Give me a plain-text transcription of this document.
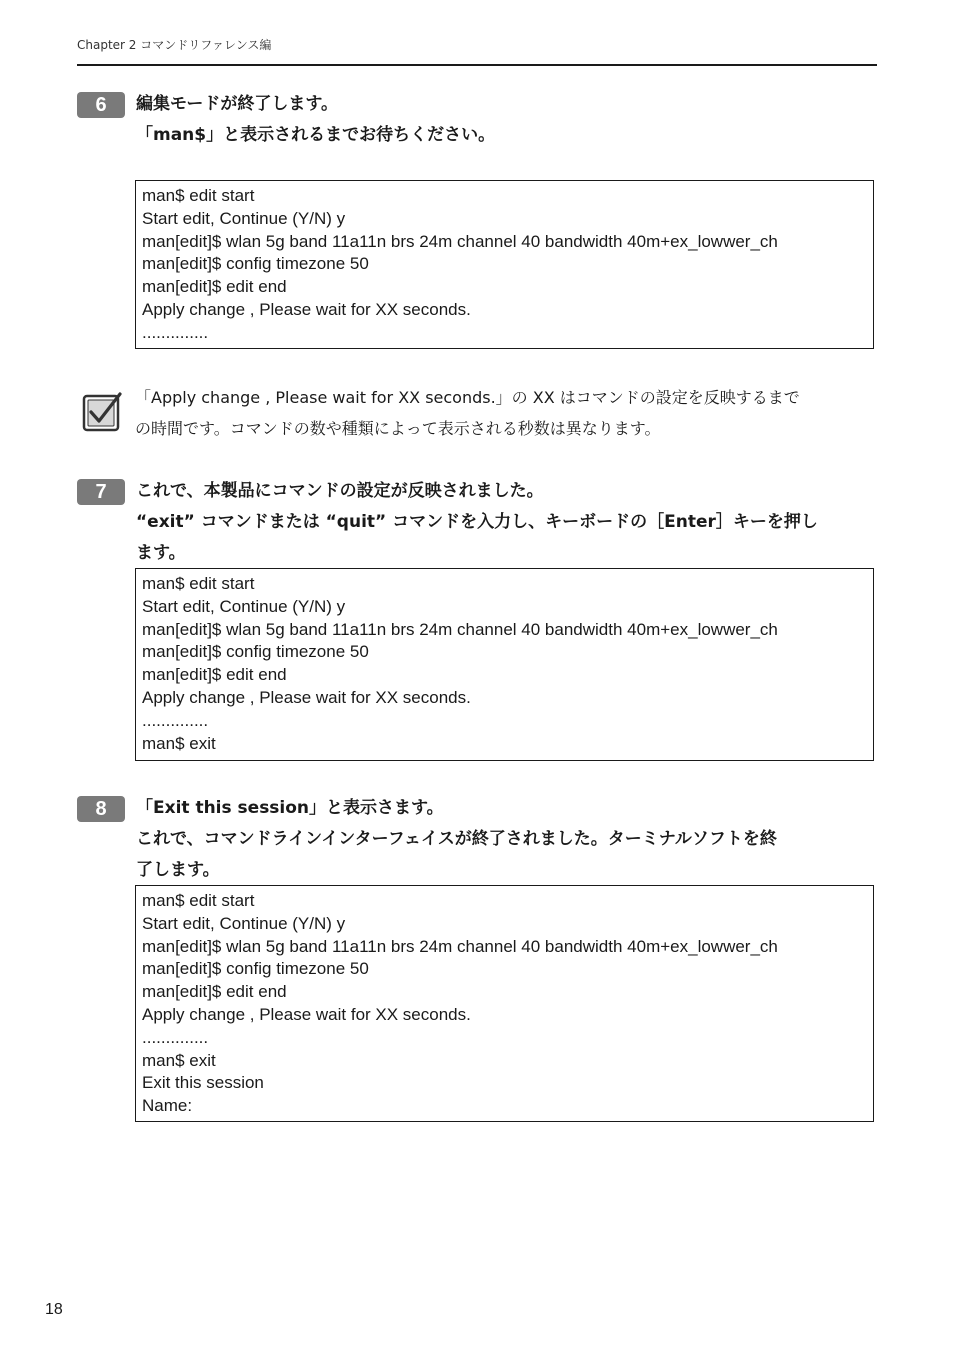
Chapter 2 コマンドリファレンス編
6	編集モードが終了します。
「man$」と表示されるまでお待ちください。
man$ edit start
Start edit, Continue (Y/N) y
man[edit]$ wlan 5g band 11a11n brs 24m channel 40 bandwidth 40m+ex_lowwer_ch
man[edit]$ config timezone 50
man[edit]$ edit end
Apply change , Please wait for XX seconds.
..............
「Apply change , Please wait for XX seconds.」の XX はコマンドの設定を反映するまで
の時間です。コマンドの数や種類によって表示される秒数は異なります。
7	これで、本製品にコマンドの設定が反映されました。
“exit” コマンドまたは “quit” コマンドを入力し、キーボードの［Enter］キーを押し
ます。
man$ edit start
Start edit, Continue (Y/N) y
man[edit]$ wlan 5g band 11a11n brs 24m channel 40 bandwidth 40m+ex_lowwer_ch
man[edit]$ config timezone 50
man[edit]$ edit end
Apply change , Please wait for XX seconds.
..............
man$ exit
8	「Exit this session」と表示さます。
これで、コマンドラインインターフェイスが終了されました。ターミナルソフトを終
了します。
man$ edit start
Start edit, Continue (Y/N) y
man[edit]$ wlan 5g band 11a11n brs 24m channel 40 bandwidth 40m+ex_lowwer_ch
man[edit]$ config timezone 50
man[edit]$ edit end
Apply change , Please wait for XX seconds.
..............
man$ exit
Exit this session
Name:
18
